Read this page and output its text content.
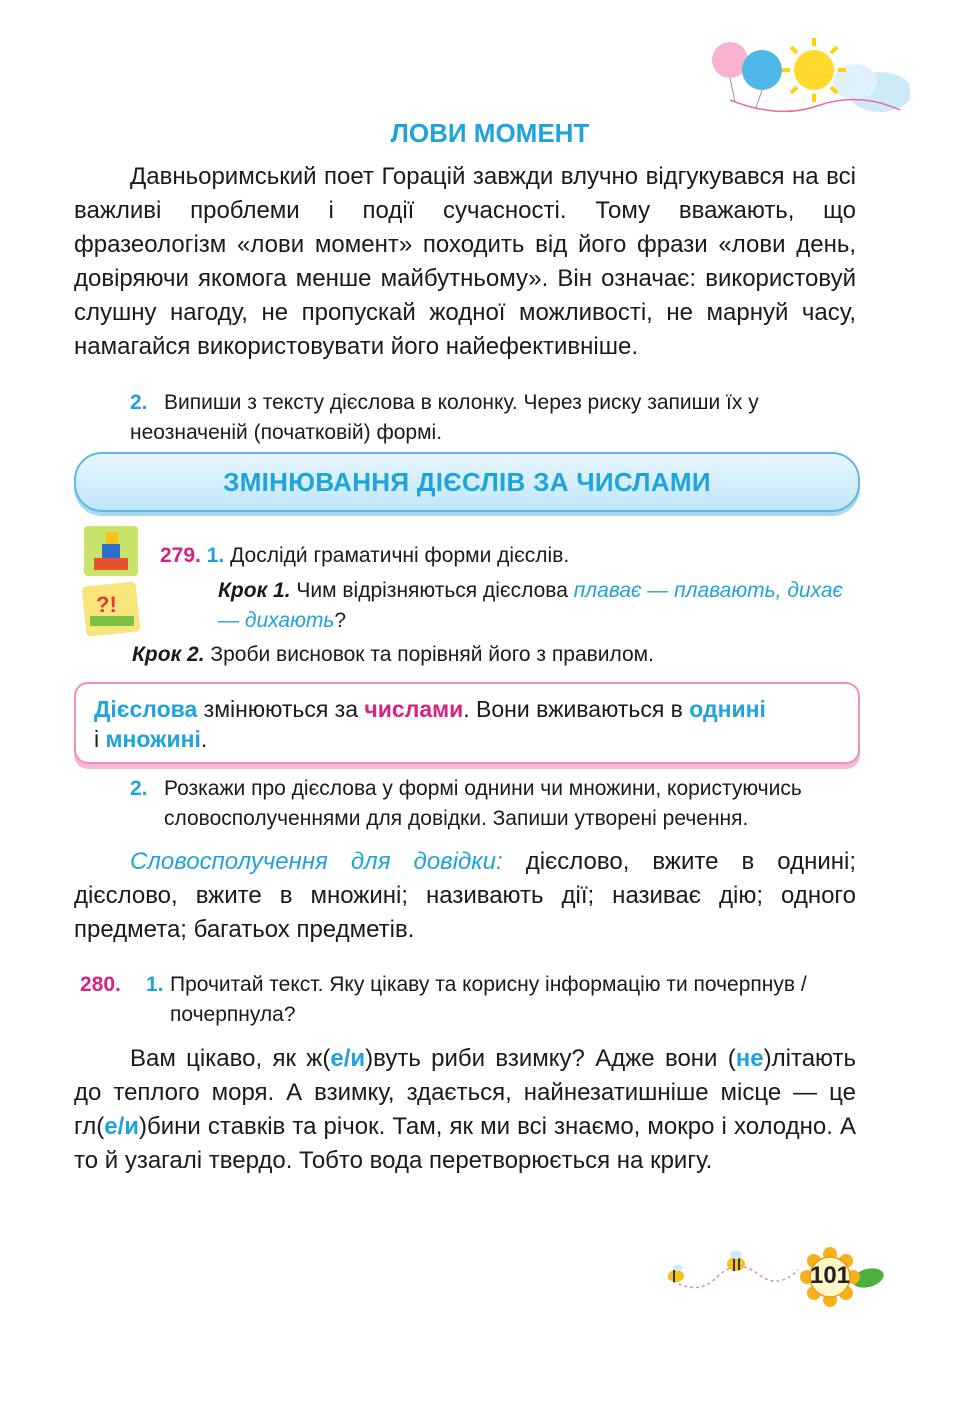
ЛОВИ МОМЕНТ

Давньоримський поет Горацій завжди влучно відгукувався на всі важливі проблеми і події сучасності. Тому вважають, що фразеологізм «лови момент» походить від його фрази «лови день, довіряючи якомога менше майбутньому». Він означає: використовуй слушну нагоду, не пропускай жодної можливості, не марнуй часу, намагайся використовувати його найефективніше.

2. Випиши з тексту дієслова в колонку. Через риску запиши їх у неозначеній (початковій) формі.
ЗМІНЮВАННЯ ДІЄСЛІВ ЗА ЧИСЛАМИ
?!
279. 1. Досліди́ граматичні форми дієслів.
Крок 1. Чим відрізняються дієслова плаває — плавають, дихає — дихають?
Крок 2. Зроби висновок та порівняй його з правилом.
Дієслова змінюються за числами. Вони вживаються в однині
і множині.
2. Розкажи про дієслова у формі однини чи множини, користуючись словосполученнями для довідки. Запиши утворені речення.

Словосполучення для довідки: дієслово, вжите в однині; дієслово, вжите в множині; називають дії; називає дію; одного предмета; багатьох предметів.

280.	1. Прочитай текст. Яку цікаву та корисну інформацію ти почерпнув / почерпнула?

Вам цікаво, як ж(е/и)вуть риби взимку? Адже вони (не)літають до теплого моря. А взимку, здається, найнезатишніше місце — це гл(е/и)бини ставків та річок. Там, як ми всі знаємо, мокро і холодно. А то й узагалі твердо. Тобто вода перетворюється на кригу.

101
